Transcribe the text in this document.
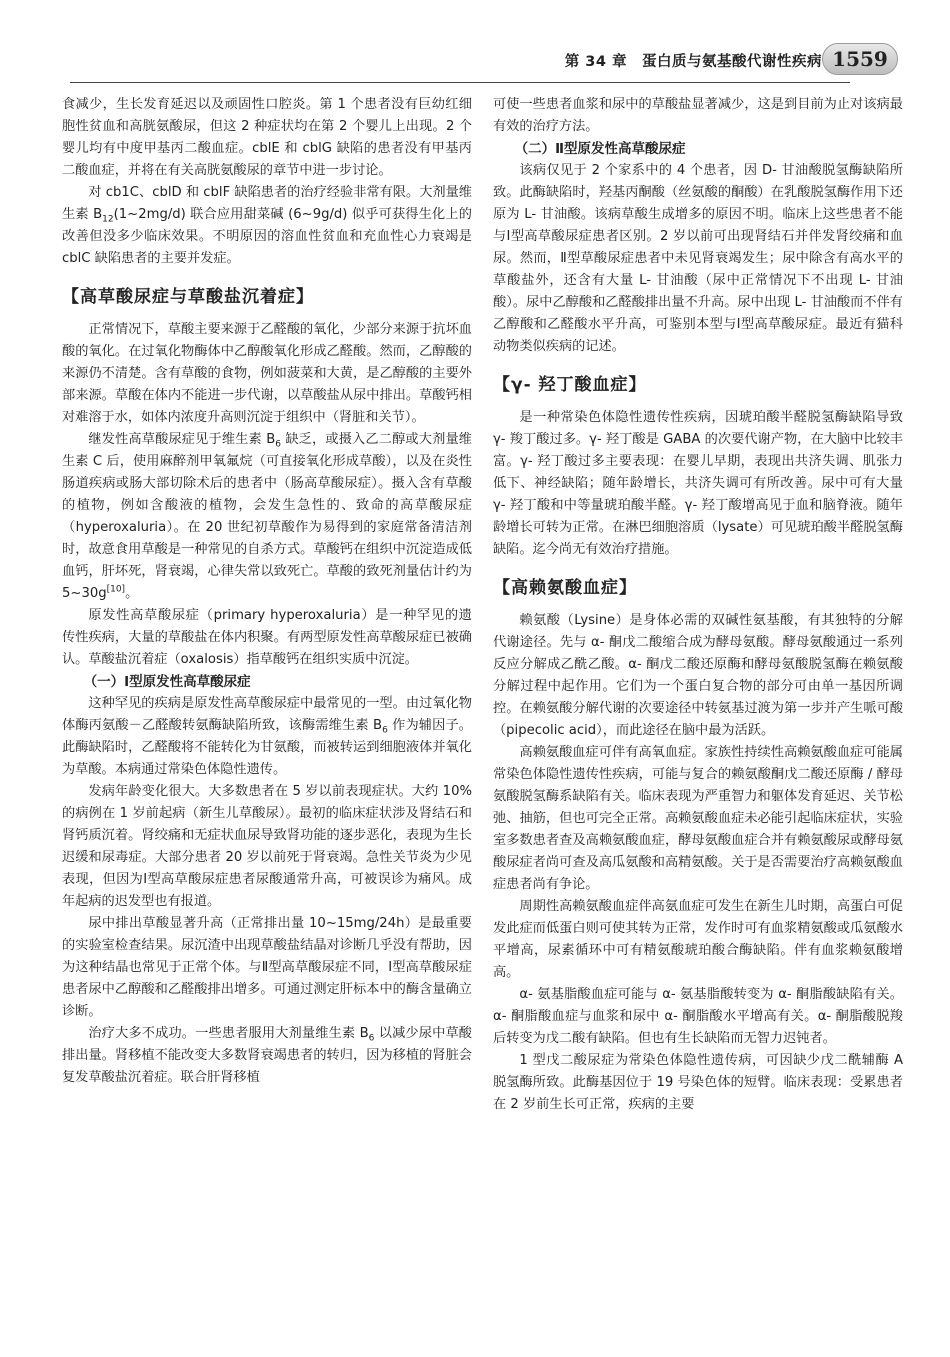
第 34 章　蛋白质与氨基酸代谢性疾病 1559

食减少，生长发育延迟以及顽固性口腔炎。第 1 个患者没有巨幼红细胞性贫血和高胱氨酸尿，但这 2 种症状均在第 2 个婴儿上出现。2 个婴儿均有中度甲基丙二酸血症。cblE 和 cblG 缺陷的患者没有甲基丙二酸血症，并将在有关高胱氨酸尿的章节中进一步讨论。

对 cb1C、cblD 和 cblF 缺陷患者的治疗经验非常有限。大剂量维生素 $B_{12}(1\sim 2mg/d)$ 联合应用甜菜碱 (6~9g/d) 似乎可获得生化上的改善但没多少临床效果。不明原因的溶血性贫血和充血性心力衰竭是 cblC 缺陷患者的主要并发症。

【高草酸尿症与草酸盐沉着症】

正常情况下，草酸主要来源于乙醛酸的氧化，少部分来源于抗坏血酸的氧化。在过氧化物酶体中乙醇酸氧化形成乙醛酸。然而，乙醇酸的来源仍不清楚。含有草酸的食物，例如菠菜和大黄，是乙醇酸的主要外部来源。草酸在体内不能进一步代谢，以草酸盐从尿中排出。草酸钙相对难溶于水，如体内浓度升高则沉淀于组织中（肾脏和关节）。

继发性高草酸尿症见于维生素 $B_6$ 缺乏，或摄入乙二醇或大剂量维生素 C 后，使用麻醉剂甲氧氟烷（可直接氧化形成草酸），以及在炎性肠道疾病或肠大部切除术后的患者中（肠高草酸尿症）。摄入含有草酸的植物，例如含酸液的植物，会发生急性的、致命的高草酸尿症（hyperoxaluria）。在 20 世纪初草酸作为易得到的家庭常备清洁剂时，故意食用草酸是一种常见的自杀方式。草酸钙在组织中沉淀造成低血钙，肝坏死，肾衰竭，心律失常以致死亡。草酸的致死剂量估计约为 5~30g[10]。

原发性高草酸尿症（primary hyperoxaluria）是一种罕见的遗传性疾病，大量的草酸盐在体内积聚。有两型原发性高草酸尿症已被确认。草酸盐沉着症（oxalosis）指草酸钙在组织实质中沉淀。

（一）Ⅰ型原发性高草酸尿症

这种罕见的疾病是原发性高草酸尿症中最常见的一型。由过氧化物体酶丙氨酸－乙醛酸转氨酶缺陷所致，该酶需维生素 $B_6$ 作为辅因子。此酶缺陷时，乙醛酸将不能转化为甘氨酸，而被转运到细胞液体并氧化为草酸。本病通过常染色体隐性遗传。

发病年龄变化很大。大多数患者在 5 岁以前表现症状。大约 10% 的病例在 1 岁前起病（新生儿草酸尿）。最初的临床症状涉及肾结石和肾钙质沉着。肾绞痛和无症状血尿导致肾功能的逐步恶化，表现为生长迟缓和尿毒症。大部分患者 20 岁以前死于肾衰竭。急性关节炎为少见表现，但因为Ⅰ型高草酸尿症患者尿酸通常升高，可被误诊为痛风。成年起病的迟发型也有报道。

尿中排出草酸显著升高（正常排出量 10~15mg/24h）是最重要的实验室检查结果。尿沉渣中出现草酸盐结晶对诊断几乎没有帮助，因为这种结晶也常见于正常个体。与Ⅱ型高草酸尿症不同，Ⅰ型高草酸尿症患者尿中乙醇酸和乙醛酸排出增多。可通过测定肝标本中的酶含量确立诊断。

治疗大多不成功。一些患者服用大剂量维生素 $B_6$ 以减少尿中草酸排出量。肾移植不能改变大多数肾衰竭患者的转归，因为移植的肾脏会复发草酸盐沉着症。联合肝肾移植

可使一些患者血浆和尿中的草酸盐显著减少，这是到目前为止对该病最有效的治疗方法。

（二）Ⅱ型原发性高草酸尿症

该病仅见于 2 个家系中的 4 个患者，因 D- 甘油酸脱氢酶缺陷所致。此酶缺陷时，羟基丙酮酸（丝氨酸的酮酸）在乳酸脱氢酶作用下还原为 L- 甘油酸。该病草酸生成增多的原因不明。临床上这些患者不能与Ⅰ型高草酸尿症患者区别。2 岁以前可出现肾结石并伴发肾绞痛和血尿。然而，Ⅱ型草酸尿症患者中未见肾衰竭发生；尿中除含有高水平的草酸盐外，还含有大量 L- 甘油酸（尿中正常情况下不出现 L- 甘油酸）。尿中乙醇酸和乙醛酸排出量不升高。尿中出现 L- 甘油酸而不伴有乙醇酸和乙醛酸水平升高，可鉴别本型与Ⅰ型高草酸尿症。最近有猫科动物类似疾病的记述。

【γ- 羟丁酸血症】

是一种常染色体隐性遗传性疾病，因琥珀酸半醛脱氢酶缺陷导致 γ- 羧丁酸过多。γ- 羟丁酸是 GABA 的次要代谢产物，在大脑中比较丰富。γ- 羟丁酸过多主要表现：在婴儿早期，表现出共济失调、肌张力低下、神经缺陷；随年龄增长，共济失调可有所改善。尿中可有大量 γ- 羟丁酸和中等量琥珀酸半醛。γ- 羟丁酸增高见于血和脑脊液。随年龄增长可转为正常。在淋巴细胞溶质（lysate）可见琥珀酸半醛脱氢酶缺陷。迄今尚无有效治疗措施。

【高赖氨酸血症】

赖氨酸（Lysine）是身体必需的双碱性氨基酸，有其独特的分解代谢途径。先与 α- 酮戊二酸缩合成为酵母氨酸。酵母氨酸通过一系列反应分解成乙酰乙酸。α- 酮戊二酸还原酶和酵母氨酸脱氢酶在赖氨酸分解过程中起作用。它们为一个蛋白复合物的部分可由单一基因所调控。在赖氨酸分解代谢的次要途径中转氨基过渡为第一步并产生哌可酸（pipecolic acid），而此途径在脑中最为活跃。

高赖氨酸血症可伴有高氧血症。家族性持续性高赖氨酸血症可能属常染色体隐性遗传性疾病，可能与复合的赖氨酸酮戊二酸还原酶 / 酵母氨酸脱氢酶系缺陷有关。临床表现为严重智力和躯体发育延迟、关节松弛、抽筋，但也可完全正常。高赖氨酸血症未必能引起临床症状，实验室多数患者查及高赖氨酸血症，酵母氨酸血症合并有赖氨酸尿或酵母氨酸尿症者尚可查及高瓜氨酸和高精氨酸。关于是否需要治疗高赖氨酸血症患者尚有争论。

周期性高赖氨酸血症伴高氨血症可发生在新生儿时期，高蛋白可促发此症而低蛋白则可使其转为正常，发作时可有血浆精氨酸或瓜氨酸水平增高，尿素循环中可有精氨酸琥珀酸合酶缺陷。伴有血浆赖氨酸增高。

α- 氨基脂酸血症可能与 α- 氨基脂酸转变为 α- 酮脂酸缺陷有关。α- 酮脂酸血症与血浆和尿中 α- 酮脂酸水平增高有关。α- 酮脂酸脱羧后转变为戊二酸有缺陷。但也有生长缺陷而无智力迟钝者。

1 型戊二酸尿症为常染色体隐性遗传病，可因缺少戊二酰辅酶 A 脱氢酶所致。此酶基因位于 19 号染色体的短臂。临床表现：受累患者在 2 岁前生长可正常，疾病的主要
